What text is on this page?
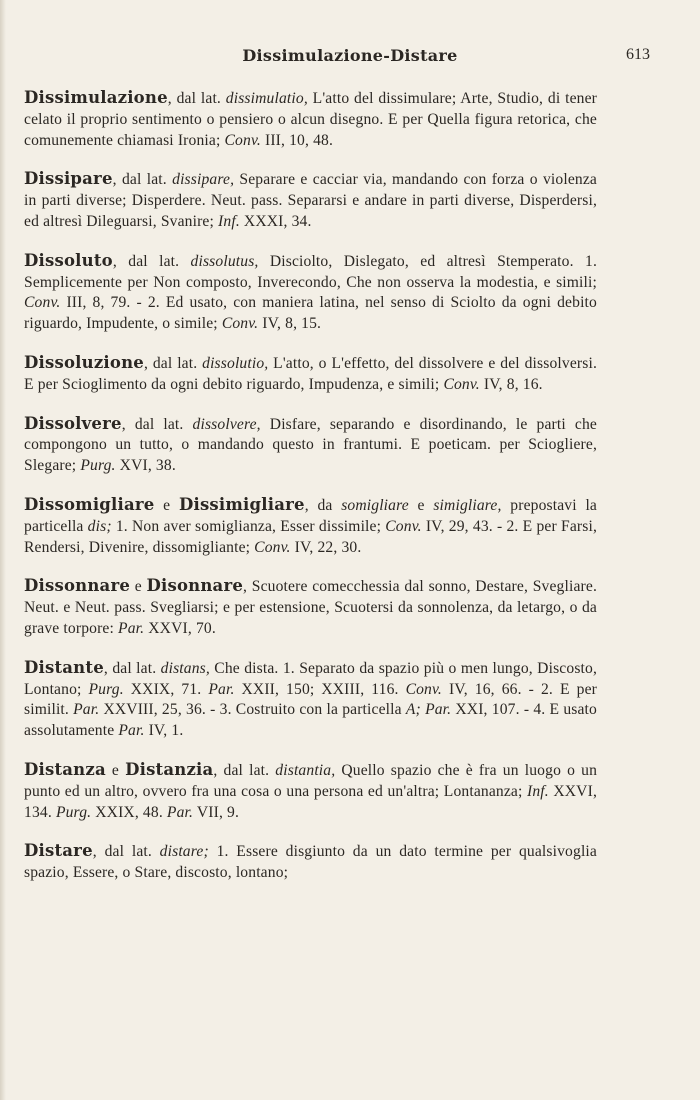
Dissimulazione-Distare	613

Dissimulazione, dal lat. dissimulatio, L'atto del dissimulare; Arte, Studio, di tener celato il proprio sentimento o pensiero o alcun disegno. E per Quella figura retorica, che comunemente chiamasi Ironia; Conv. III, 10, 48.

Dissipare, dal lat. dissipare, Separare e cacciar via, mandando con forza o violenza in parti diverse; Disperdere. Neut. pass. Separarsi e andare in parti diverse, Disperdersi, ed altresì Dileguarsi, Svanire; Inf. XXXI, 34.

Dissoluto, dal lat. dissolutus, Disciolto, Dislegato, ed altresì Stemperato. 1. Semplicemente per Non composto, Inverecondo, Che non osserva la modestia, e simili; Conv. III, 8, 79. - 2. Ed usato, con maniera latina, nel senso di Sciolto da ogni debito riguardo, Impudente, o simile; Conv. IV, 8, 15.

Dissoluzione, dal lat. dissolutio, L'atto, o L'effetto, del dissolvere e del dissolversi. E per Scioglimento da ogni debito riguardo, Impudenza, e simili; Conv. IV, 8, 16.

Dissolvere, dal lat. dissolvere, Disfare, separando e disordinando, le parti che compongono un tutto, o mandando questo in frantumi. E poeticam. per Sciogliere, Slegare; Purg. XVI, 38.

Dissomigliare e Dissimigliare, da somigliare e simigliare, prepostavi la particella dis; 1. Non aver somiglianza, Esser dissimile; Conv. IV, 29, 43. - 2. E per Farsi, Rendersi, Divenire, dissomigliante; Conv. IV, 22, 30.

Dissonnare e Disonnare, Scuotere comecchessia dal sonno, Destare, Svegliare. Neut. e Neut. pass. Svegliarsi; e per estensione, Scuotersi da sonnolenza, da letargo, o da grave torpore: Par. XXVI, 70.

Distante, dal lat. distans, Che dista. 1. Separato da spazio più o men lungo, Discosto, Lontano; Purg. XXIX, 71. Par. XXII, 150; XXIII, 116. Conv. IV, 16, 66. - 2. E per similit. Par. XXVIII, 25, 36. - 3. Costruito con la particella A; Par. XXI, 107. - 4. E usato assolutamente Par. IV, 1.

Distanza e Distanzia, dal lat. distantia, Quello spazio che è fra un luogo o un punto ed un altro, ovvero fra una cosa o una persona ed un'altra; Lontananza; Inf. XXVI, 134. Purg. XXIX, 48. Par. VII, 9.

Distare, dal lat. distare; 1. Essere disgiunto da un dato termine per qualsivoglia spazio, Essere, o Stare, discosto, lontano;
